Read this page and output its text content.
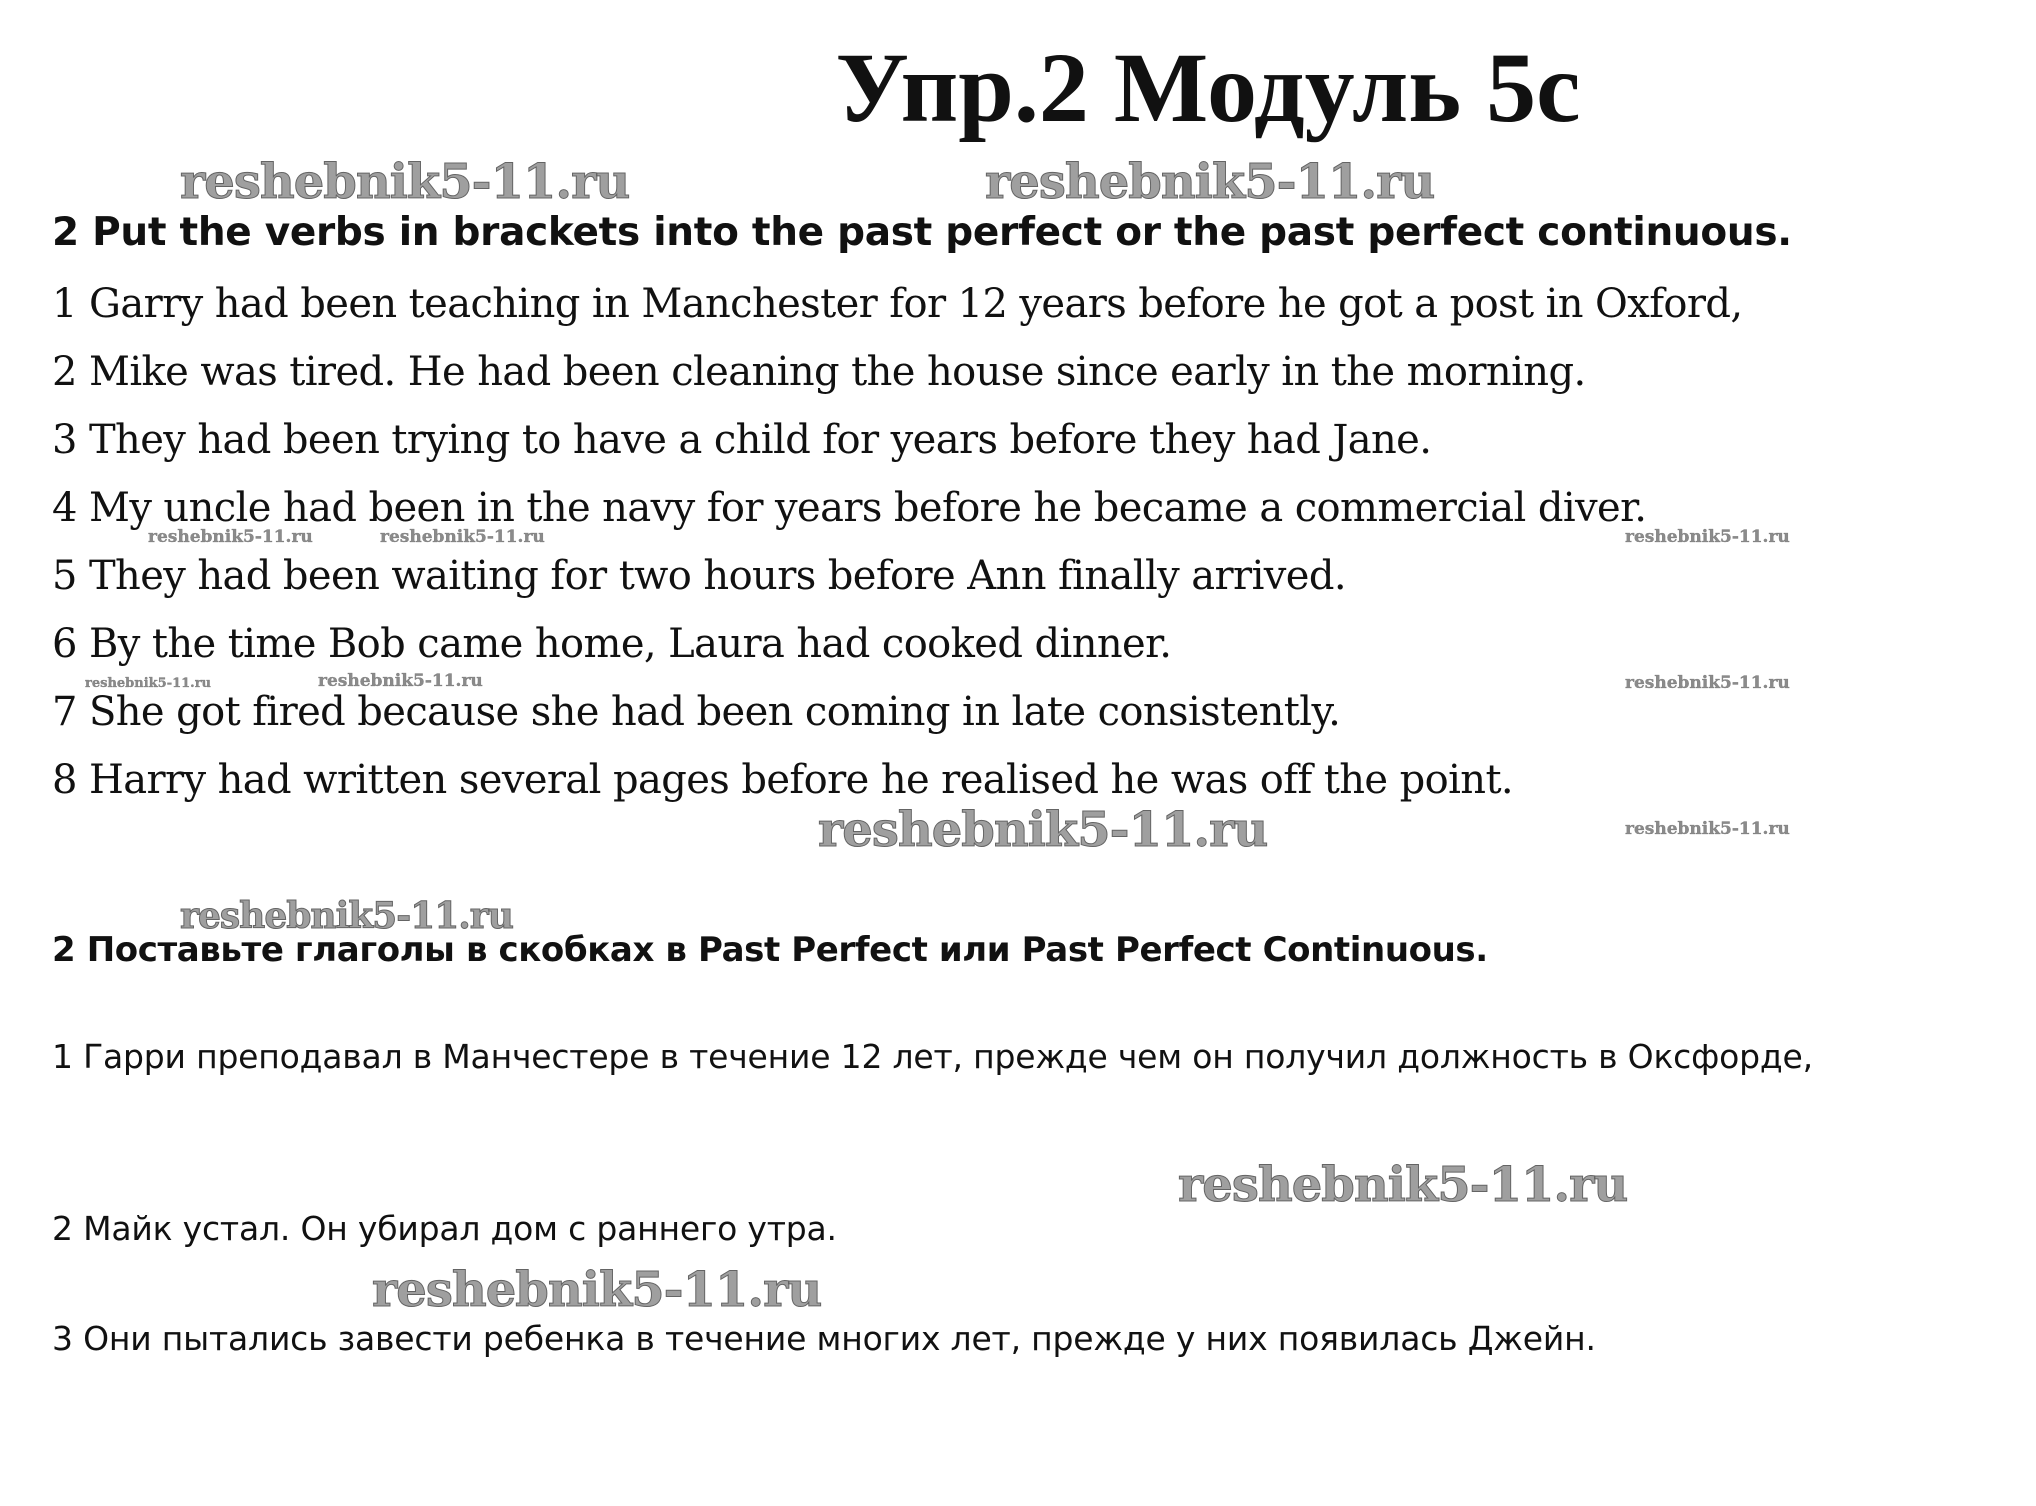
Упр.2 Модуль 5с
reshebnik5-11.ru	reshebnik5-11.ru
2 Put the verbs in brackets into the past perfect or the past perfect continuous.
1 Garry had been teaching in Manchester for 12 years before he got a post in Oxford,
2 Mike was tired. He had been cleaning the house since early in the morning.
3 They had been trying to have a child for years before they had Jane.
4 My uncle had been in the navy for years before he became a commercial diver.
5 They had been waiting for two hours before Ann finally arrived.
6 By the time Bob came home, Laura had cooked dinner.
7 She got fired because she had been coming in late consistently.
8 Harry had written several pages before he realised he was off the point.
reshebnik5-11.ru	reshebnik5-11.ru	reshebnik5-11.ru
reshebnik5-11.ru	reshebnik5-11.ru	reshebnik5-11.ru
reshebnik5-11.ru	reshebnik5-11.ru
reshebnik5-11.ru
2 Поставьте глаголы в скобках в Past Perfect или Past Perfect Continuous.

1 Гарри преподавал в Манчестере в течение 12 лет, прежде чем он получил должность в Оксфорде,

reshebnik5-11.ru

2 Майк устал. Он убирал дом с раннего утра.

reshebnik5-11.ru

3 Они пытались завести ребенка в течение многих лет, прежде у них появилась Джейн.
